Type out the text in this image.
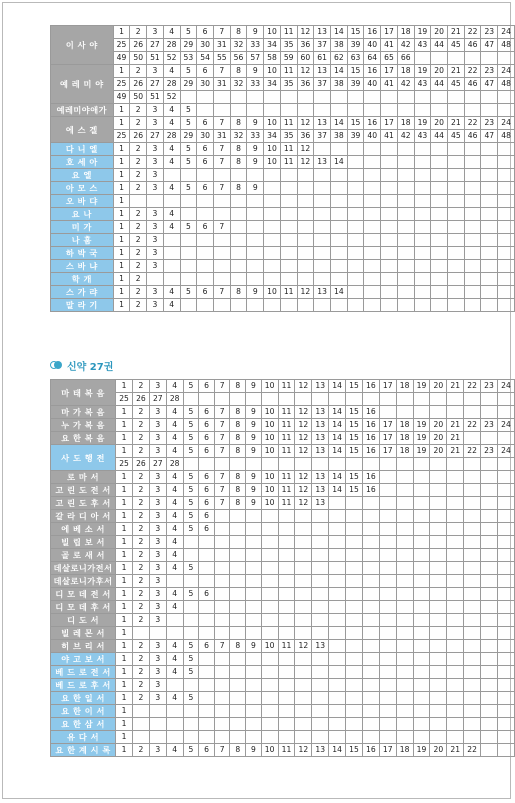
이 사 야	1	2	3	4	5	6	7	8	9	10	11	12	13	14	15	16	17	18	19	20	21	22	23	24
	25	26	27	28	29	30	31	32	33	34	35	36	37	38	39	40	41	42	43	44	45	46	47	48
	49	50	51	52	53	54	55	56	57	58	59	60	61	62	63	64	65	66						
예 레 미 야	1	2	3	4	5	6	7	8	9	10	11	12	13	14	15	16	17	18	19	20	21	22	23	24
	25	26	27	28	29	30	31	32	33	34	35	36	37	38	39	40	41	42	43	44	45	46	47	48
	49	50	51	52																				
예레미야애가	1	2	3	4	5																			
에 스 겔	1	2	3	4	5	6	7	8	9	10	11	12	13	14	15	16	17	18	19	20	21	22	23	24
	25	26	27	28	29	30	31	32	33	34	35	36	37	38	39	40	41	42	43	44	45	46	47	48
다 니 엘	1	2	3	4	5	6	7	8	9	10	11	12												
호 세 아	1	2	3	4	5	6	7	8	9	10	11	12	13	14										
요 엘	1	2	3																					
아 모 스	1	2	3	4	5	6	7	8	9															
오 바 댜	1																							
요 나	1	2	3	4																				
미 가	1	2	3	4	5	6	7																	
나 훔	1	2	3																					
하 박 국	1	2	3																					
스 바 냐	1	2	3																					
학 개	1	2																						
스 가 랴	1	2	3	4	5	6	7	8	9	10	11	12	13	14										
말 라 기	1	2	3	4																				
신약 27권
마 태 복 음	1	2	3	4	5	6	7	8	9	10	11	12	13	14	15	16	17	18	19	20	21	22	23	24
	25	26	27	28																				
마 가 복 음	1	2	3	4	5	6	7	8	9	10	11	12	13	14	15	16								
누 가 복 음	1	2	3	4	5	6	7	8	9	10	11	12	13	14	15	16	17	18	19	20	21	22	23	24
요 한 복 음	1	2	3	4	5	6	7	8	9	10	11	12	13	14	15	16	17	18	19	20	21			
사 도 행 전	1	2	3	4	5	6	7	8	9	10	11	12	13	14	15	16	17	18	19	20	21	22	23	24
	25	26	27	28																				
로 마 서	1	2	3	4	5	6	7	8	9	10	11	12	13	14	15	16								
고 린 도 전 서	1	2	3	4	5	6	7	8	9	10	11	12	13	14	15	16								
고 린 도 후 서	1	2	3	4	5	6	7	8	9	10	11	12	13											
갈 라 디 아 서	1	2	3	4	5	6																		
에 베 소 서	1	2	3	4	5	6																		
빌 립 보 서	1	2	3	4																				
골 로 새 서	1	2	3	4																				
데살로니가전서	1	2	3	4	5																			
데살로니가후서	1	2	3																					
디 모 데 전 서	1	2	3	4	5	6																		
디 모 데 후 서	1	2	3	4																				
디 도 서	1	2	3																					
빌 레 몬 서	1																							
히 브 리 서	1	2	3	4	5	6	7	8	9	10	11	12	13											
야 고 보 서	1	2	3	4	5																			
베 드 로 전 서	1	2	3	4	5																			
베 드 로 후 서	1	2	3																					
요 한 일 서	1	2	3	4	5																			
요 한 이 서	1																							
요 한 삼 서	1																							
유 다 서	1																							
요 한 계 시 록	1	2	3	4	5	6	7	8	9	10	11	12	13	14	15	16	17	18	19	20	21	22		
